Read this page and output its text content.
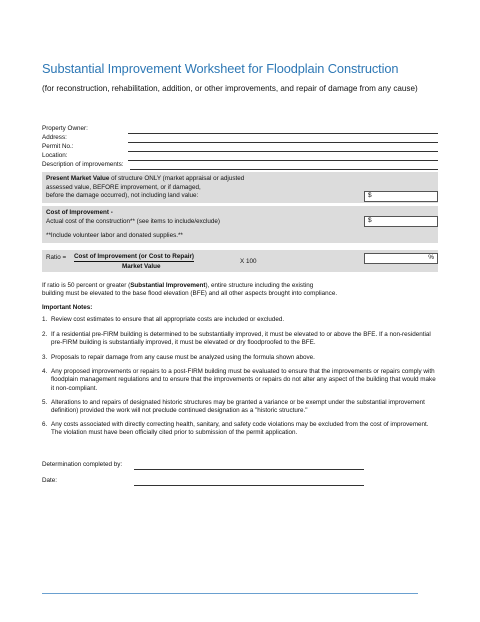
Substantial Improvement Worksheet for Floodplain Construction
(for reconstruction, rehabilitation, addition, or other improvements, and repair of damage from any cause)
Property Owner:
Address:
Permit No.:
Location:
Description of improvements:
Present Market Value of structure ONLY (market appraisal or adjusted
assessed value, BEFORE improvement, or if damaged,
before the damage occurred), not including land value:	$
Cost of Improvement -
Actual cost of the construction** (see items to include/exclude)
**Include volunteer labor and donated supplies.**
$
Ratio = Cost of Improvement (or Cost to Repair)
Market Value
X 100
%
If ratio is 50 percent or greater (Substantial Improvement), entire structure including the existing
building must be elevated to the base flood elevation (BFE) and all other aspects brought into compliance.
Important Notes:
1. Review cost estimates to ensure that all appropriate costs are included or excluded.
2. If a residential pre-FIRM building is determined to be substantially improved, it must be elevated to or above the BFE. If a non-residential pre-FIRM building is substantially improved, it must be elevated or dry floodproofed to the BFE.
3. Proposals to repair damage from any cause must be analyzed using the formula shown above.
4. Any proposed improvements or repairs to a post-FIRM building must be evaluated to ensure that the improvements or repairs comply with floodplain management regulations and to ensure that the improvements or repairs do not alter any aspect of the building that would make it non-compliant.
5. Alterations to and repairs of designated historic structures may be granted a variance or be exempt under the substantial improvement definition) provided the work will not preclude continued designation as a "historic structure."
6. Any costs associated with directly correcting health, sanitary, and safety code violations may be excluded from the cost of improvement. The violation must have been officially cited prior to submission of the permit application.
Determination completed by:
Date:
